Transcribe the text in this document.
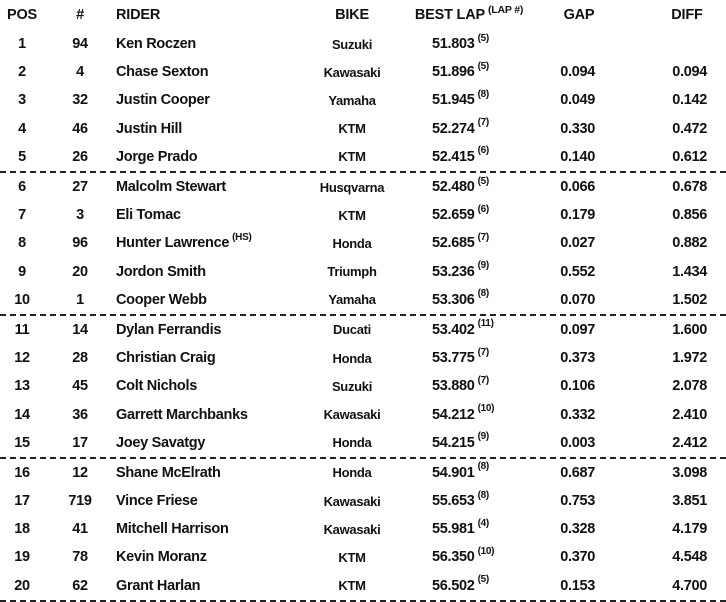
POS	#	RIDER	BIKE	BEST LAP $^{(LAP \#)}$	GAP	DIFF
1	94	Ken Roczen	Suzuki	51.803 $^{(5)}$
2	4	Chase Sexton	Kawasaki	51.896 $^{(5)}$	0.094	0.094
3	32	Justin Cooper	Yamaha	51.945 $^{(8)}$	0.049	0.142
4	46	Justin Hill	KTM	52.274 $^{(7)}$	0.330	0.472
5	26	Jorge Prado	KTM	52.415 $^{(6)}$	0.140	0.612
6	27	Malcolm Stewart	Husqvarna	52.480 $^{(5)}$	0.066	0.678
7	3	Eli Tomac	KTM	52.659 $^{(6)}$	0.179	0.856
8	96	Hunter Lawrence $^{(HS)}$	Honda	52.685 $^{(7)}$	0.027	0.882
9	20	Jordon Smith	Triumph	53.236 $^{(9)}$	0.552	1.434
10	1	Cooper Webb	Yamaha	53.306 $^{(8)}$	0.070	1.502
11	14	Dylan Ferrandis	Ducati	53.402 $^{(11)}$	0.097	1.600
12	28	Christian Craig	Honda	53.775 $^{(7)}$	0.373	1.972
13	45	Colt Nichols	Suzuki	53.880 $^{(7)}$	0.106	2.078
14	36	Garrett Marchbanks	Kawasaki	54.212 $^{(10)}$	0.332	2.410
15	17	Joey Savatgy	Honda	54.215 $^{(9)}$	0.003	2.412
16	12	Shane McElrath	Honda	54.901 $^{(8)}$	0.687	3.098
17	719	Vince Friese	Kawasaki	55.653 $^{(8)}$	0.753	3.851
18	41	Mitchell Harrison	Kawasaki	55.981 $^{(4)}$	0.328	4.179
19	78	Kevin Moranz	KTM	56.350 $^{(10)}$	0.370	4.548
20	62	Grant Harlan	KTM	56.502 $^{(5)}$	0.153	4.700
